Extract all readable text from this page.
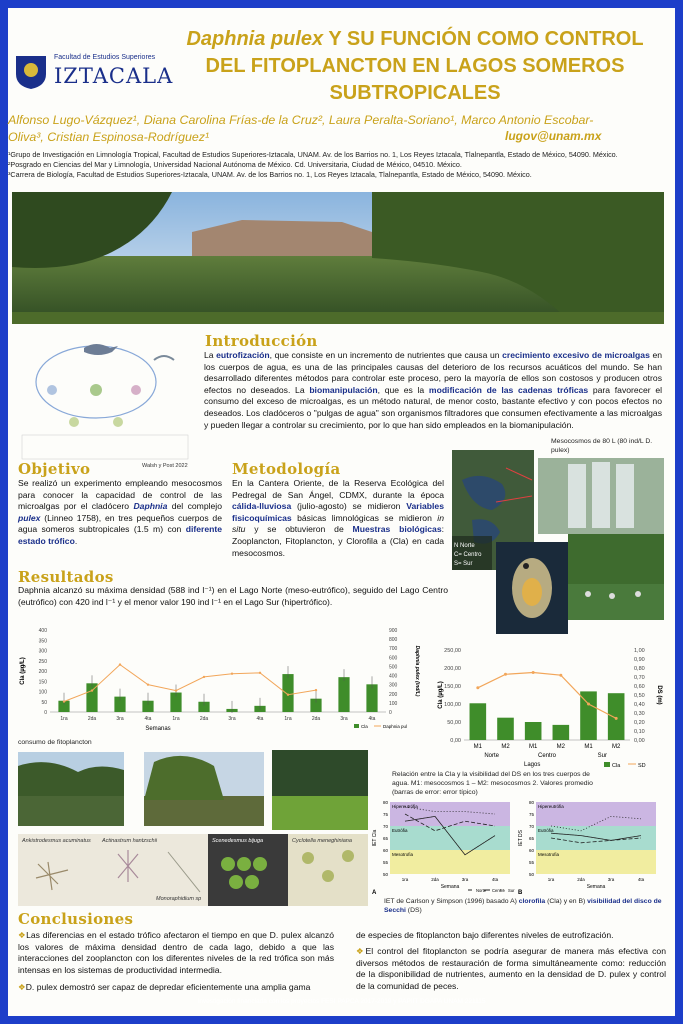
Facultad de Estudios Superiores
IZTACALA
Daphnia pulex Y SU FUNCIÓN COMO CONTROL
DEL FITOPLANCTON EN LAGOS SOMEROS
SUBTROPICALES
Alfonso Lugo-Vázquez¹, Diana Carolina Frías-de la Cruz², Laura Peralta-Soriano¹, Marco Antonio Escobar-
Oliva³, Cristian Espinosa-Rodríguez¹	lugov@unam.mx
¹Grupo de Investigación en Limnología Tropical, Facultad de Estudios Superiores-Iztacala, UNAM. Av. de los Barrios no. 1, Los Reyes Iztacala, Tlalnepantla, Estado de México, 54090. México.
²Posgrado en Ciencias del Mar y Limnología, Universidad Nacional Autónoma de México. Cd. Universitaria, Ciudad de México, 04510. México.
³Carrera de Biología, Facultad de Estudios Superiores-Iztacala, UNAM. Av. de los Barrios no. 1, Los Reyes Iztacala, Tlalnepantla, Estado de México, 54090. México.
Walsh y Post 2022
Introducción
La eutrofización, que consiste en un incremento de nutrientes que causa un crecimiento excesivo de microalgas en los cuerpos de agua, es una de las principales causas del deterioro de los recursos acuáticos del mundo. Se han desarrollado diferentes métodos para controlar este proceso, pero la mayoría de ellos son costosos y producen otros efectos no deseados. La biomanipulación, que es la modificación de las cadenas tróficas para favorecer el consumo del exceso de microalgas, es un método natural, de menor costo, bastante efectivo y con pocos efectos no deseados. Los cladóceros o "pulgas de agua" son organismos filtradores que consumen efectivamente a las microalgas y pueden llegar a controlar su crecimiento, por lo que han sido empleados en la biomanipulación.
Objetivo
Se realizó un experimento empleando mesocosmos para conocer la capacidad de control de las microalgas por el cladócero Daphnia del complejo pulex (Linneo 1758), en tres pequeños cuerpos de agua someros subtropicales (1.5 m) con diferente estado trófico.
Metodología
En la Cantera Oriente, de la Reserva Ecológica del Pedregal de San Ángel, CDMX, durante la época cálida-lluviosa (julio-agosto) se midieron Variables fisicoquímicas básicas limnológicas se midieron in situ y se obtuvieron de Muestras biológicas: Zooplancton, Fitoplancton, y Clorofila a (Cla) en cada mesocosmos.
N Norte
C= Centro
S= Sur
Mesocosmos de 80 L (80 ind/L D. pulex)
Resultados
Daphnia alcanzó su máxima densidad (588 ind l⁻¹) en el Lago Norte (meso-eutrófico), seguido del Lago Centro (eutrófico) con 420 ind l⁻¹ y el menor valor 190 ind l⁻¹ en el Lago Sur (hipertrófico).
0
50
100
150
200
250
300
350
400
0
100
200
300
400
500
600
700
800
900
Cla (µg/L)	Daphnia pulex (ind/L)
1ra	2da	3ra	4ta	1ra	2da	3ra	4ta	1ra	2da	3ra	4ta
Semanas	Cla	Daphnia pul
consumo de fitoplancton	0,00
50,00
100,00
150,00
200,00
250,00
0,00
0,10
0,20
0,30
0,40
0,50
0,60
0,70
0,80
0,90
1,00
Cla (µg/L)	DS (m)
M1	M2	M1	M2	M1	M2
Norte	Centro	Sur
Lagos	Cla	SD
Relación entre la Cla y la visibilidad del DS en los tres cuerpos de agua. M1: mesocosmos 1 – M2: mesocosmos 2. Valores promedio (barras de error: error típico)
Ankistrodesmus acuminatus Actinastrum hantzschii	Scenedesmus bijuga	Cyclotella meneghiniana
Monoraphidium sp
Hipereutrófia
Eutrófia
Mesotrofia
50
55
60
65
70
75
80
IET Cla
1ra	2da	3ra	4ta
Semana
A	Norte Centro Sur
Hipereutrófia
Eutrófia
Mesotrofia
50
55
60
65
70
75
80
IET DS
1ra	2da	3ra	4ta
Semana
B
IET de Carlson y Simpson (1996) basado A) clorofila (Cla) y en B) visibilidad del disco de Secchi (DS)
Conclusiones
❖Las diferencias en el estado trófico afectaron el tiempo en que D. pulex alcanzó los valores de máxima densidad dentro de cada lago, debido a que las interacciones del zooplancton con los diferentes niveles de la red trófica son más intensas en los sistemas de productividad intermedia.
❖D. pulex demostró ser capaz de depredar eficientemente una amplia gama
de especies de fitoplancton bajo diferentes niveles de eutrofización.
❖El control del fitoplancton se podría asegurar de manera más efectiva con diversos métodos de restauración de forma simultáneamente como: reducción de la disponibilidad de nutrientes, aumento en la densidad de D. pulex y control de la comunidad de peces.
Investigación financiada con los proyectos FESI PAPCA 2017-2019 y PAPIIT DGAPA UNAM 221115
